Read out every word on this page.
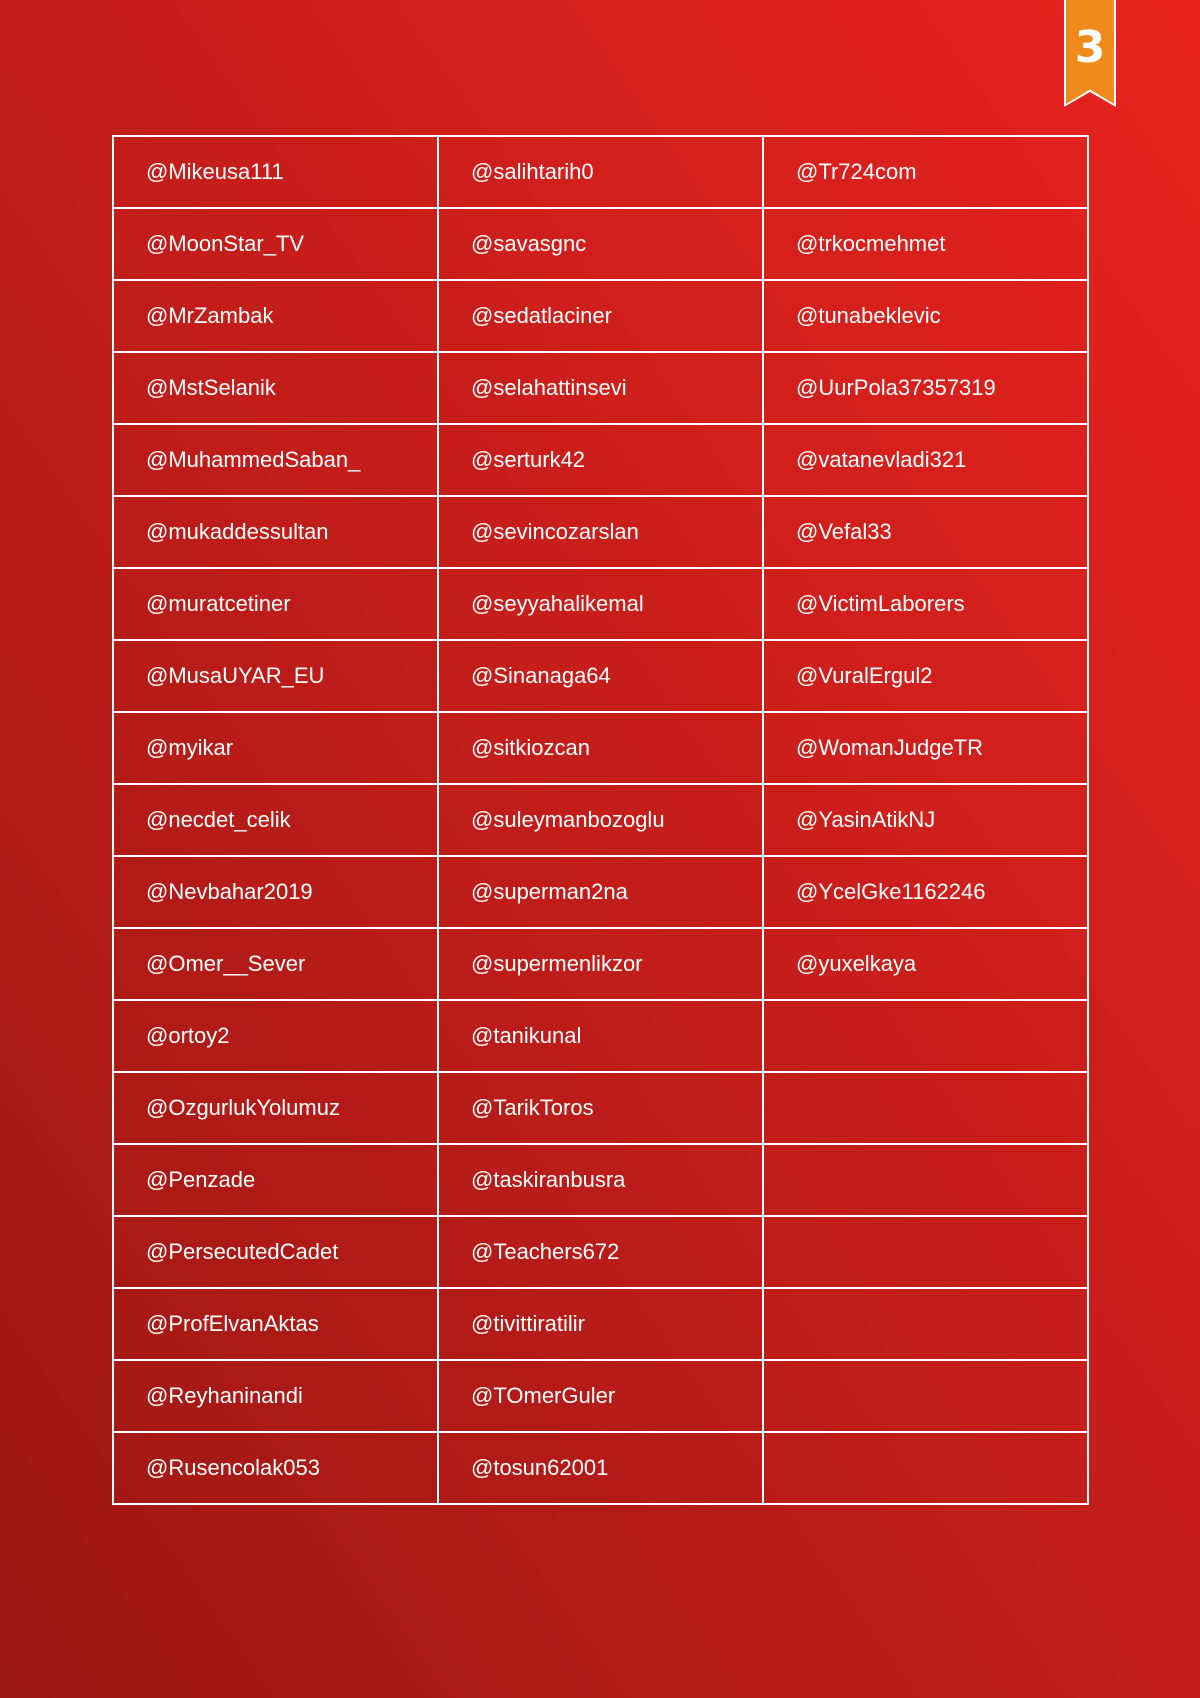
3
@Mikeusa111	@salihtarih0	@Tr724com
@MoonStar_TV	@savasgnc	@trkocmehmet
@MrZambak	@sedatlaciner	@tunabeklevic
@MstSelanik	@selahattinsevi	@UurPola37357319
@MuhammedSaban_	@serturk42	@vatanevladi321
@mukaddessultan	@sevincozarslan	@Vefal33
@muratcetiner	@seyyahalikemal	@VictimLaborers
@MusaUYAR_EU	@Sinanaga64	@VuralErgul2
@myikar	@sitkiozcan	@WomanJudgeTR
@necdet_celik	@suleymanbozoglu	@YasinAtikNJ
@Nevbahar2019	@superman2na	@YcelGke1162246
@Omer__Sever	@supermenlikzor	@yuxelkaya
@ortoy2	@tanikunal	
@OzgurlukYolumuz	@TarikToros	
@Penzade	@taskiranbusra	
@PersecutedCadet	@Teachers672	
@ProfElvanAktas	@tivittiratilir	
@Reyhaninandi	@TOmerGuler	
@Rusencolak053	@tosun62001	
